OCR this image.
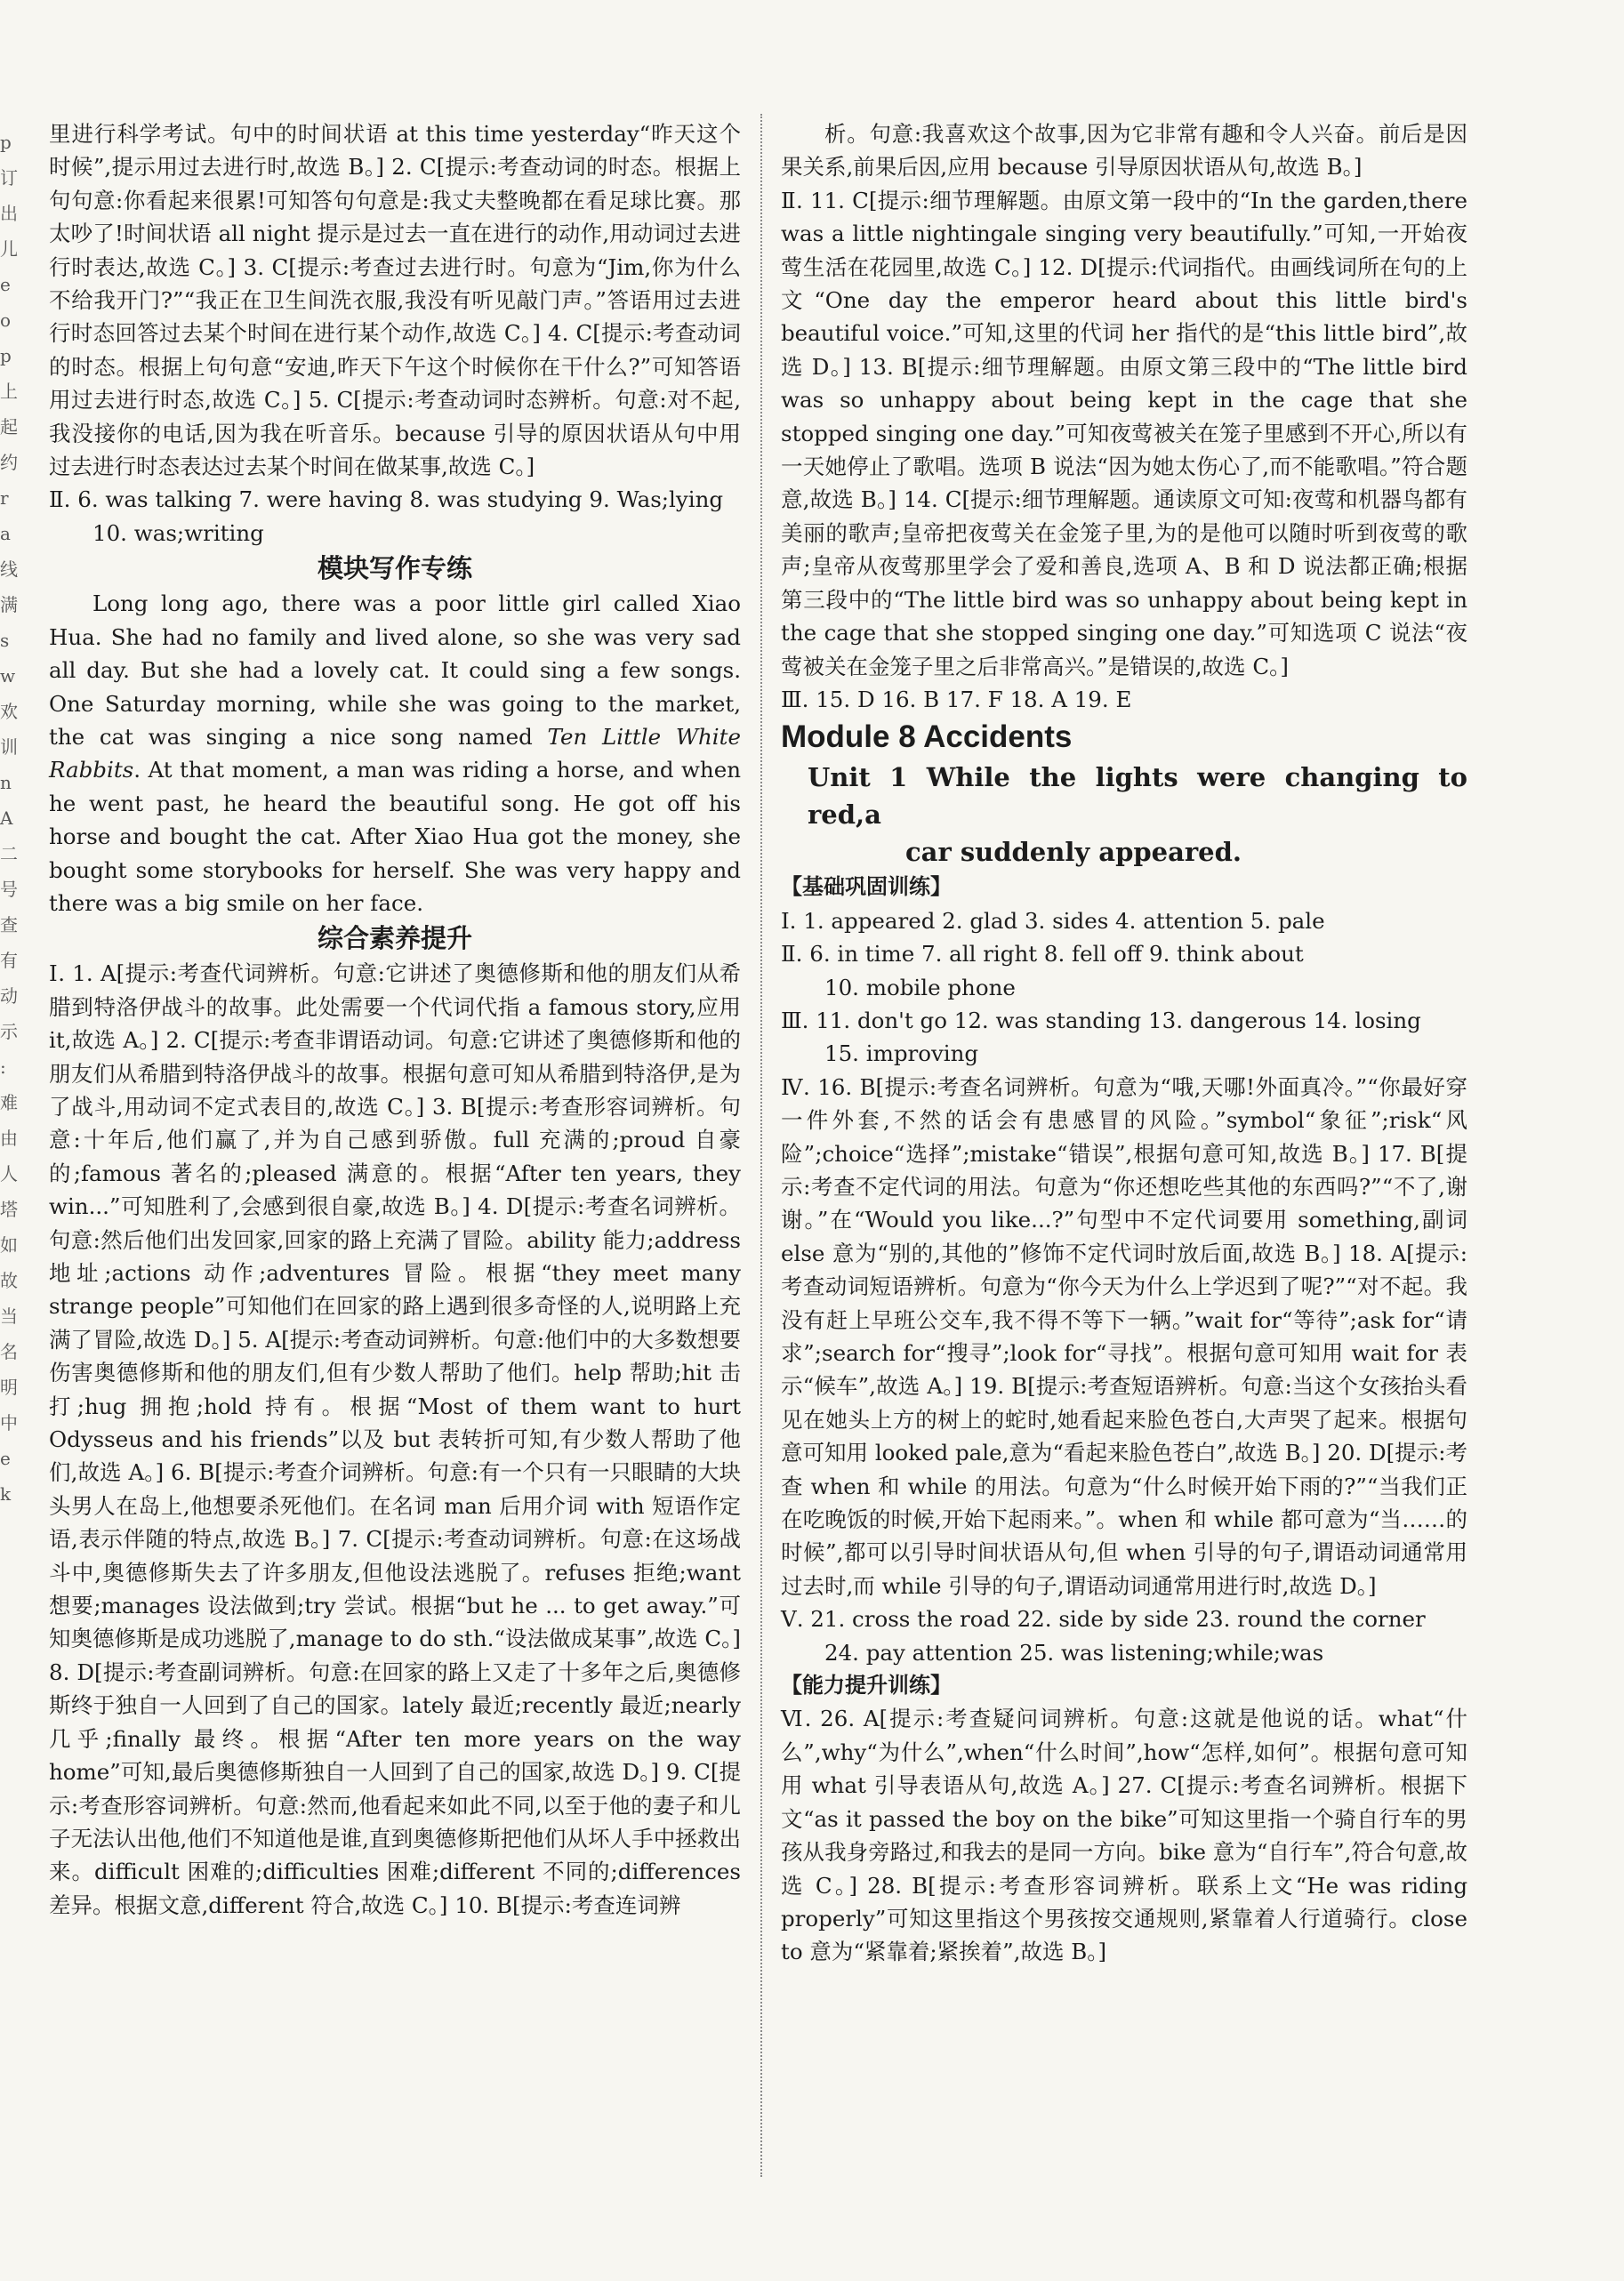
p 订 出 儿 e o p 上 起 约 r a 线 满 s w 欢 训 n A 二 号 查 有 动 示 : 难 由 人 塔 如 故 当 名 明 中 e k

里进行科学考试。句中的时间状语 at this time yesterday“昨天这个时候”,提示用过去进行时,故选 B。] 2. C[提示:考查动词的时态。根据上句句意:你看起来很累!可知答句句意是:我丈夫整晚都在看足球比赛。那太吵了!时间状语 all night 提示是过去一直在进行的动作,用动词过去进行时表达,故选 C。] 3. C[提示:考查过去进行时。句意为“Jim,你为什么不给我开门?”“我正在卫生间洗衣服,我没有听见敲门声。”答语用过去进行时态回答过去某个时间在进行某个动作,故选 C。] 4. C[提示:考查动词的时态。根据上句句意“安迪,昨天下午这个时候你在干什么?”可知答语用过去进行时态,故选 C。] 5. C[提示:考查动词时态辨析。句意:对不起,我没接你的电话,因为我在听音乐。because 引导的原因状语从句中用过去进行时态表达过去某个时间在做某事,故选 C。]

Ⅱ. 6. was talking 7. were having 8. was studying 9. Was;lying

10. was;writing

模块写作专练

Long long ago, there was a poor little girl called Xiao Hua. She had no family and lived alone, so she was very sad all day. But she had a lovely cat. It could sing a few songs. One Saturday morning, while she was going to the market, the cat was singing a nice song named Ten Little White Rabbits. At that moment, a man was riding a horse, and when he went past, he heard the beautiful song. He got off his horse and bought the cat. After Xiao Hua got the money, she bought some storybooks for herself. She was very happy and there was a big smile on her face.

综合素养提升

Ⅰ. 1. A[提示:考查代词辨析。句意:它讲述了奥德修斯和他的朋友们从希腊到特洛伊战斗的故事。此处需要一个代词代指 a famous story,应用 it,故选 A。] 2. C[提示:考查非谓语动词。句意:它讲述了奥德修斯和他的朋友们从希腊到特洛伊战斗的故事。根据句意可知从希腊到特洛伊,是为了战斗,用动词不定式表目的,故选 C。] 3. B[提示:考查形容词辨析。句意:十年后,他们赢了,并为自己感到骄傲。full 充满的;proud 自豪的;famous 著名的;pleased 满意的。根据“After ten years, they win...”可知胜利了,会感到很自豪,故选 B。] 4. D[提示:考查名词辨析。句意:然后他们出发回家,回家的路上充满了冒险。ability 能力;address 地址;actions 动作;adventures 冒险。根据“they meet many strange people”可知他们在回家的路上遇到很多奇怪的人,说明路上充满了冒险,故选 D。] 5. A[提示:考查动词辨析。句意:他们中的大多数想要伤害奥德修斯和他的朋友们,但有少数人帮助了他们。help 帮助;hit 击打;hug 拥抱;hold 持有。根据“Most of them want to hurt Odysseus and his friends”以及 but 表转折可知,有少数人帮助了他们,故选 A。] 6. B[提示:考查介词辨析。句意:有一个只有一只眼睛的大块头男人在岛上,他想要杀死他们。在名词 man 后用介词 with 短语作定语,表示伴随的特点,故选 B。] 7. C[提示:考查动词辨析。句意:在这场战斗中,奥德修斯失去了许多朋友,但他设法逃脱了。refuses 拒绝;want 想要;manages 设法做到;try 尝试。根据“but he ... to get away.”可知奥德修斯是成功逃脱了,manage to do sth.“设法做成某事”,故选 C。] 8. D[提示:考查副词辨析。句意:在回家的路上又走了十多年之后,奥德修斯终于独自一人回到了自己的国家。lately 最近;recently 最近;nearly 几乎;finally 最终。根据“After ten more years on the way home”可知,最后奥德修斯独自一人回到了自己的国家,故选 D。] 9. C[提示:考查形容词辨析。句意:然而,他看起来如此不同,以至于他的妻子和儿子无法认出他,他们不知道他是谁,直到奥德修斯把他们从坏人手中拯救出来。difficult 困难的;difficulties 困难;different 不同的;differences 差异。根据文意,different 符合,故选 C。] 10. B[提示:考查连词辨

析。句意:我喜欢这个故事,因为它非常有趣和令人兴奋。前后是因果关系,前果后因,应用 because 引导原因状语从句,故选 B。]

Ⅱ. 11. C[提示:细节理解题。由原文第一段中的“In the garden,there was a little nightingale singing very beautifully.”可知,一开始夜莺生活在花园里,故选 C。] 12. D[提示:代词指代。由画线词所在句的上文“One day the emperor heard about this little bird's beautiful voice.”可知,这里的代词 her 指代的是“this little bird”,故选 D。] 13. B[提示:细节理解题。由原文第三段中的“The little bird was so unhappy about being kept in the cage that she stopped singing one day.”可知夜莺被关在笼子里感到不开心,所以有一天她停止了歌唱。选项 B 说法“因为她太伤心了,而不能歌唱。”符合题意,故选 B。] 14. C[提示:细节理解题。通读原文可知:夜莺和机器鸟都有美丽的歌声;皇帝把夜莺关在金笼子里,为的是他可以随时听到夜莺的歌声;皇帝从夜莺那里学会了爱和善良,选项 A、B 和 D 说法都正确;根据第三段中的“The little bird was so unhappy about being kept in the cage that she stopped singing one day.”可知选项 C 说法“夜莺被关在金笼子里之后非常高兴。”是错误的,故选 C。]

Ⅲ. 15. D 16. B 17. F 18. A 19. E

Module 8 Accidents

Unit 1 While the lights were changing to red,a

car suddenly appeared.

【基础巩固训练】

Ⅰ. 1. appeared 2. glad 3. sides 4. attention 5. pale

Ⅱ. 6. in time 7. all right 8. fell off 9. think about

10. mobile phone

Ⅲ. 11. don't go 12. was standing 13. dangerous 14. losing

15. improving

Ⅳ. 16. B[提示:考查名词辨析。句意为“哦,天哪!外面真冷。”“你最好穿一件外套,不然的话会有患感冒的风险。”symbol“象征”;risk“风险”;choice“选择”;mistake“错误”,根据句意可知,故选 B。] 17. B[提示:考查不定代词的用法。句意为“你还想吃些其他的东西吗?”“不了,谢谢。”在“Would you like...?”句型中不定代词要用 something,副词 else 意为“别的,其他的”修饰不定代词时放后面,故选 B。] 18. A[提示:考查动词短语辨析。句意为“你今天为什么上学迟到了呢?”“对不起。我没有赶上早班公交车,我不得不等下一辆。”wait for“等待”;ask for“请求”;search for“搜寻”;look for“寻找”。根据句意可知用 wait for 表示“候车”,故选 A。] 19. B[提示:考查短语辨析。句意:当这个女孩抬头看见在她头上方的树上的蛇时,她看起来脸色苍白,大声哭了起来。根据句意可知用 looked pale,意为“看起来脸色苍白”,故选 B。] 20. D[提示:考查 when 和 while 的用法。句意为“什么时候开始下雨的?”“当我们正在吃晚饭的时候,开始下起雨来。”。when 和 while 都可意为“当……的时候”,都可以引导时间状语从句,但 when 引导的句子,谓语动词通常用过去时,而 while 引导的句子,谓语动词通常用进行时,故选 D。]

Ⅴ. 21. cross the road 22. side by side 23. round the corner

24. pay attention 25. was listening;while;was

【能力提升训练】

Ⅵ. 26. A[提示:考查疑问词辨析。句意:这就是他说的话。what“什么”,why“为什么”,when“什么时间”,how“怎样,如何”。根据句意可知用 what 引导表语从句,故选 A。] 27. C[提示:考查名词辨析。根据下文“as it passed the boy on the bike”可知这里指一个骑自行车的男孩从我身旁路过,和我去的是同一方向。bike 意为“自行车”,符合句意,故选 C。] 28. B[提示:考查形容词辨析。联系上文“He was riding properly”可知这里指这个男孩按交通规则,紧靠着人行道骑行。close to 意为“紧靠着;紧挨着”,故选 B。]
